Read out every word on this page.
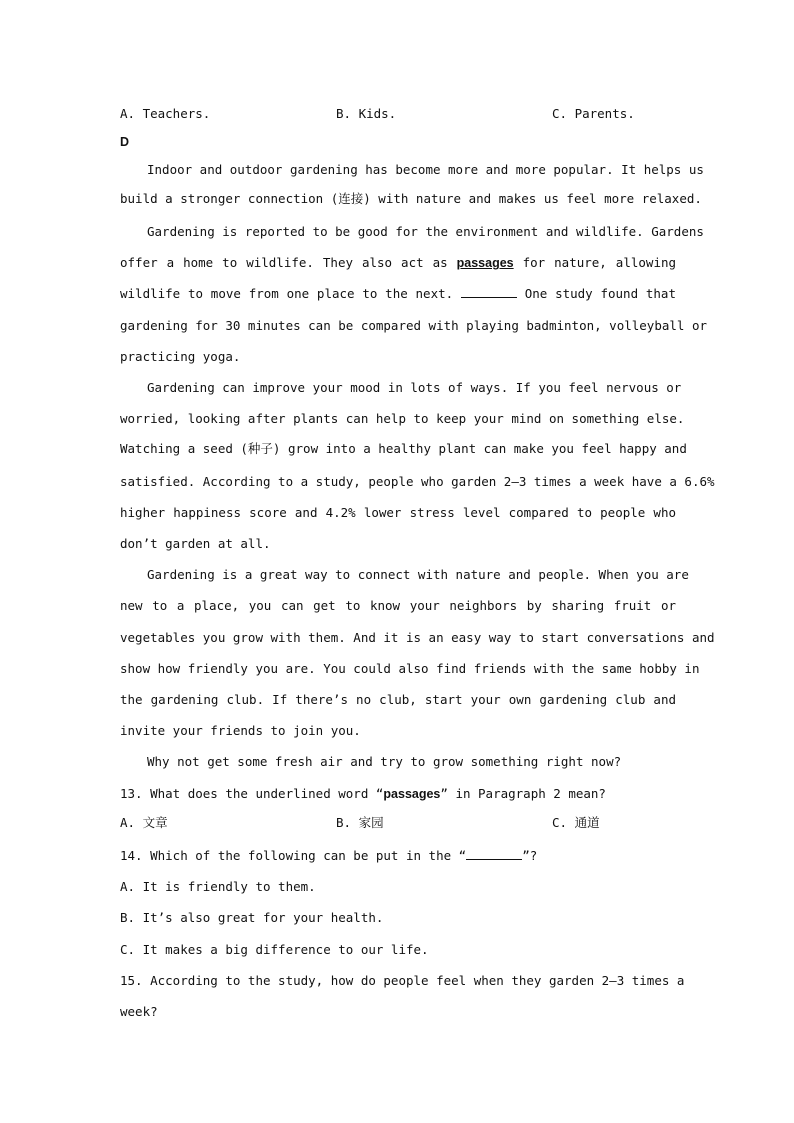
A. Teachers.	B. Kids.	C. Parents.
D
Indoor and outdoor gardening has become more and more popular. It helps us
build a stronger connection (连接) with nature and makes us feel more relaxed.
Gardening is reported to be good for the environment and wildlife. Gardens
offer a home to wildlife. They also act as passages for nature, allowing
wildlife to move from one place to the next.	One study found that
gardening for 30 minutes can be compared with playing badminton, volleyball or
practicing yoga.
Gardening can improve your mood in lots of ways. If you feel nervous or
worried, looking after plants can help to keep your mind on something else.
Watching a seed (种子) grow into a healthy plant can make you feel happy and
satisfied. According to a study, people who garden 2–3 times a week have a 6.6%
higher happiness score and 4.2% lower stress level compared to people who
don’t garden at all.
Gardening is a great way to connect with nature and people. When you are
new to a place, you can get to know your neighbors by sharing fruit or
vegetables you grow with them. And it is an easy way to start conversations and
show how friendly you are. You could also find friends with the same hobby in
the gardening club. If there’s no club, start your own gardening club and
invite your friends to join you.
Why not get some fresh air and try to grow something right now?
13. What does the underlined word “passages” in Paragraph 2 mean?
A. 文章	B. 家园	C. 通道
14. Which of the following can be put in the “	”?
A. It is friendly to them.
B. It’s also great for your health.
C. It makes a big difference to our life.
15. According to the study, how do people feel when they garden 2–3 times a
week?
